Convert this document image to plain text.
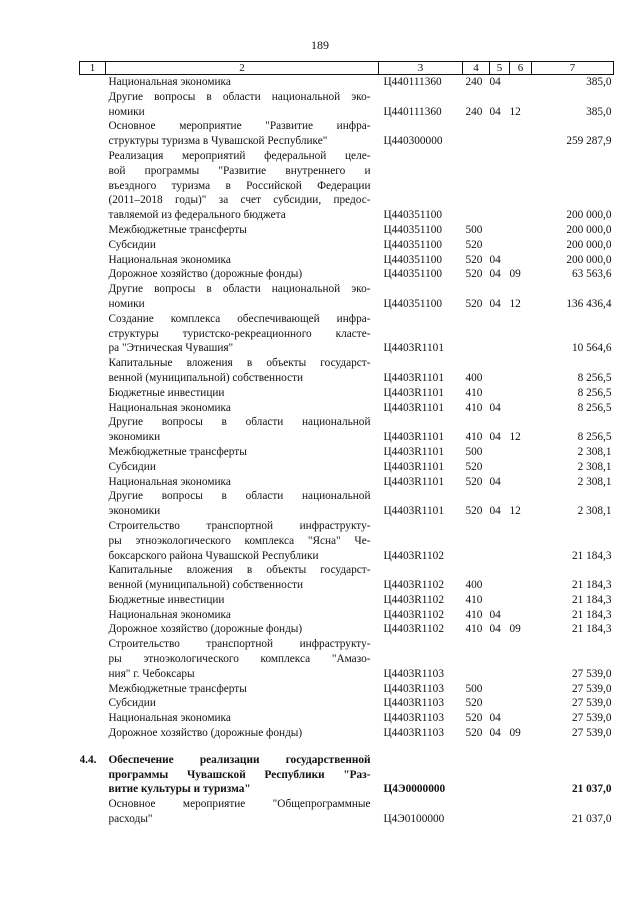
189
1	2	3	4	5	6	7

	Национальная экономика	Ц440111360	240	04		385,0

	Другие вопросы в области национальной эко-
номики	Ц440111360	240	04	12	385,0

	Основное мероприятие "Развитие инфра-
структуры туризма в Чувашской Республике"	Ц440300000				259 287,9

	Реализация мероприятий федеральной целе-
вой программы "Развитие внутреннего и
въездного туризма в Российской Федерации
(2011–2018 годы)" за счет субсидии, предос-
тавляемой из федерального бюджета	Ц440351100				200 000,0

	Межбюджетные трансферты	Ц440351100	500			200 000,0

	Субсидии	Ц440351100	520			200 000,0

	Национальная экономика	Ц440351100	520	04		200 000,0

	Дорожное хозяйство (дорожные фонды)	Ц440351100	520	04	09	63 563,6

	Другие вопросы в области национальной эко-
номики	Ц440351100	520	04	12	136 436,4

	Создание комплекса обеспечивающей инфра-
структуры туристско-рекреационного класте-
ра "Этническая Чувашия"	Ц4403R1101				10 564,6

	Капитальные вложения в объекты государст-
венной (муниципальной) собственности	Ц4403R1101	400			8 256,5

	Бюджетные инвестиции	Ц4403R1101	410			8 256,5

	Национальная экономика	Ц4403R1101	410	04		8 256,5

	Другие вопросы в области национальной
экономики	Ц4403R1101	410	04	12	8 256,5

	Межбюджетные трансферты	Ц4403R1101	500			2 308,1

	Субсидии	Ц4403R1101	520			2 308,1

	Национальная экономика	Ц4403R1101	520	04		2 308,1

	Другие вопросы в области национальной
экономики	Ц4403R1101	520	04	12	2 308,1

	Строительство транспортной инфраструкту-
ры этноэкологического комплекса "Ясна" Че-
боксарского района Чувашской Республики	Ц4403R1102				21 184,3

	Капитальные вложения в объекты государст-
венной (муниципальной) собственности	Ц4403R1102	400			21 184,3

	Бюджетные инвестиции	Ц4403R1102	410			21 184,3

	Национальная экономика	Ц4403R1102	410	04		21 184,3

	Дорожное хозяйство (дорожные фонды)	Ц4403R1102	410	04	09	21 184,3

	Строительство транспортной инфраструкту-
ры этноэкологического комплекса "Амазо-
ния" г. Чебоксары	Ц4403R1103				27 539,0

	Межбюджетные трансферты	Ц4403R1103	500			27 539,0

	Субсидии	Ц4403R1103	520			27 539,0

	Национальная экономика	Ц4403R1103	520	04		27 539,0

	Дорожное хозяйство (дорожные фонды)	Ц4403R1103	520	04	09	27 539,0

4.4.	Обеспечение реализации государственной
программы Чувашской Республики "Раз-
витие культуры и туризма"	Ц4Э0000000				21 037,0

	Основное мероприятие "Общепрограммные
расходы"	Ц4Э0100000				21 037,0
